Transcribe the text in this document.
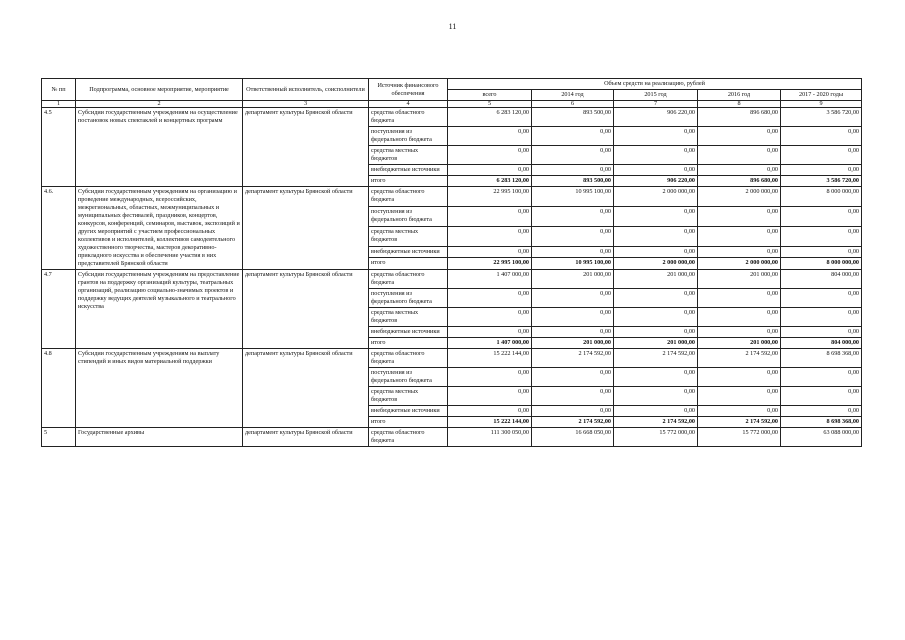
11
№ пп	Подпрограмма, основное мероприятие, мероприятие	Ответственный исполнитель, соисполнители	Источник финансового обеспечения	Объем средств на реализацию, рублей				
				всего	2014 год	2015 год	2016 год	2017 - 2020 годы
1	2	3	4	5	6	7	8	9
4.5	Субсидии государственным учреждениям на осуществление постановок новых спектаклей и концертных программ	департамент культуры Брянской области	средства областного бюджета	6 283 120,00	893 500,00	906 220,00	896 680,00	3 586 720,00
			поступления из федерального бюджета	0,00	0,00	0,00	0,00	0,00
			средства местных бюджетов	0,00	0,00	0,00	0,00	0,00
			внебюджетные источники	0,00	0,00	0,00	0,00	0,00
			итого	6 283 120,00	893 500,00	906 220,00	896 680,00	3 586 720,00
4.6.	Субсидии государственным учреждениям на организацию и проведение международных, всероссийских, межрегиональных, областных, межмуниципальных и муниципальных фестивалей, праздников, концертов, конкурсов, конференций, семинаров, выставок, экспозиций и других мероприятий с участием профессиональных коллективов и исполнителей, коллективов самодеятельного художественного творчества, мастеров декоративно-прикладного искусства и обеспечение участия в них представителей Брянской области	департамент культуры Брянской области	средства областного бюджета	22 995 100,00	10 995 100,00	2 000 000,00	2 000 000,00	8 000 000,00
			поступления из федерального бюджета	0,00	0,00	0,00	0,00	0,00
			средства местных бюджетов	0,00	0,00	0,00	0,00	0,00
			внебюджетные источники	0,00	0,00	0,00	0,00	0,00
			итого	22 995 100,00	10 995 100,00	2 000 000,00	2 000 000,00	8 000 000,00
4.7	Субсидии государственным учреждениям на предоставление грантов на поддержку организаций культуры, театральных организаций, реализацию социально-значимых проектов и поддержку ведущих деятелей музыкального и театрального искусства	департамент культуры Брянской области	средства областного бюджета	1 407 000,00	201 000,00	201 000,00	201 000,00	804 000,00
			поступления из федерального бюджета	0,00	0,00	0,00	0,00	0,00
			средства местных бюджетов	0,00	0,00	0,00	0,00	0,00
			внебюджетные источники	0,00	0,00	0,00	0,00	0,00
			итого	1 407 000,00	201 000,00	201 000,00	201 000,00	804 000,00
4.8	Субсидии государственным учреждениям на выплату стипендий и иных видов материальной поддержки	департамент культуры Брянской области	средства областного бюджета	15 222 144,00	2 174 592,00	2 174 592,00	2 174 592,00	8 698 368,00
			поступления из федерального бюджета	0,00	0,00	0,00	0,00	0,00
			средства местных бюджетов	0,00	0,00	0,00	0,00	0,00
			внебюджетные источники	0,00	0,00	0,00	0,00	0,00
			итого	15 222 144,00	2 174 592,00	2 174 592,00	2 174 592,00	8 698 368,00
5	Государственные архивы	департамент культуры Брянской области	средства областного бюджета	111 300 050,00	16 668 050,00	15 772 000,00	15 772 000,00	63 088 000,00
